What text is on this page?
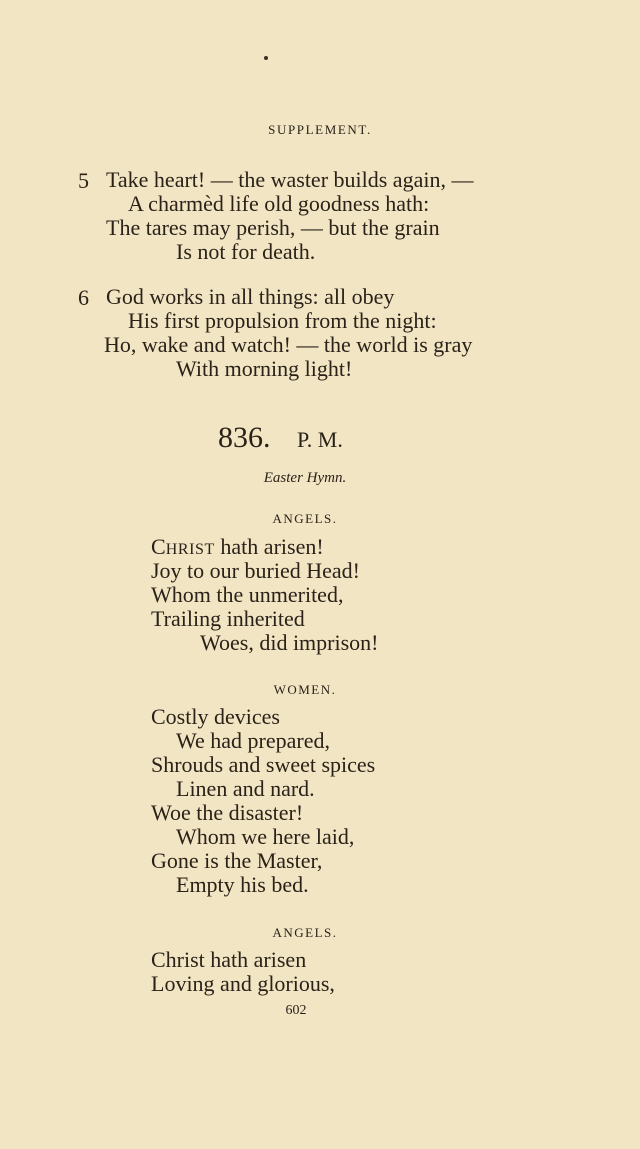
SUPPLEMENT.
5 Take heart! — the waster builds again, —
A charmèd life old goodness hath:
The tares may perish, — but the grain
Is not for death.
6 God works in all things: all obey
His first propulsion from the night:
Ho, wake and watch! — the world is gray
With morning light!
836. P. M.
Easter Hymn.
ANGELS.
CHRIST hath arisen!
Joy to our buried Head!
Whom the unmerited,
Trailing inherited
Woes, did imprison!
WOMEN.
Costly devices
We had prepared,
Shrouds and sweet spices
Linen and nard.
Woe the disaster!
Whom we here laid,
Gone is the Master,
Empty his bed.
ANGELS.
Christ hath arisen
Loving and glorious,
602
